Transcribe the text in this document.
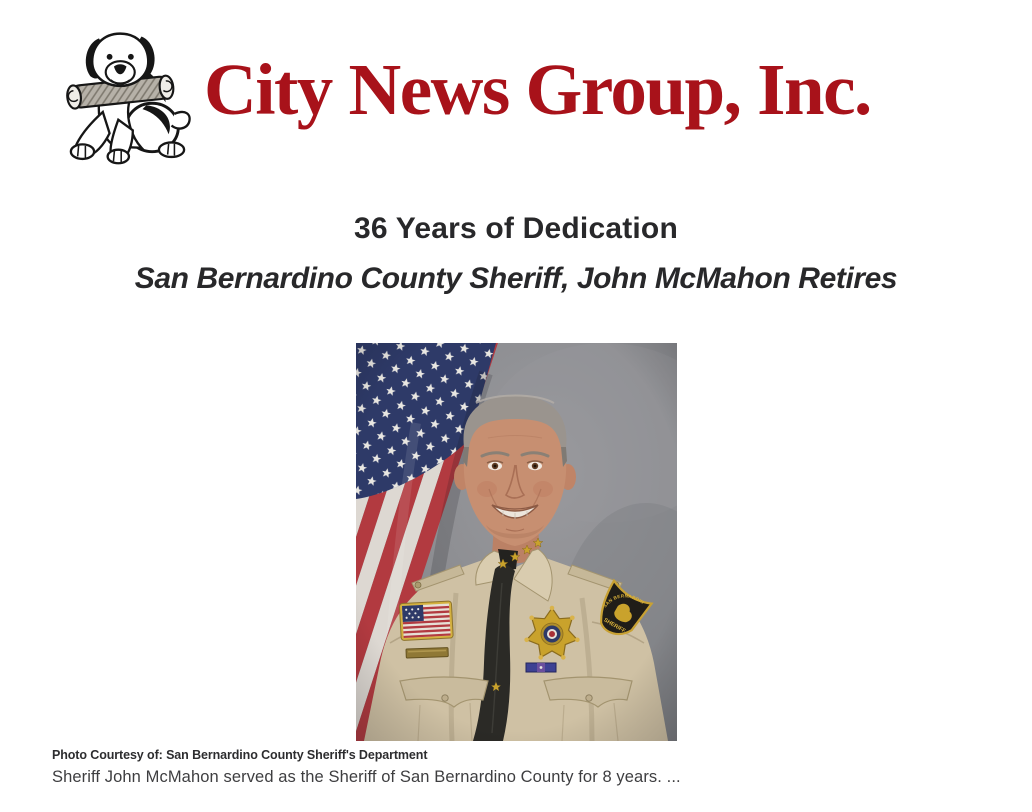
City News Group, Inc.
36 Years of Dedication
San Bernardino County Sheriff, John McMahon Retires
Photo Courtesy of: San Bernardino County Sheriff's Department

Sheriff John McMahon served as the Sheriff of San Bernardino County for 8 years. ...
